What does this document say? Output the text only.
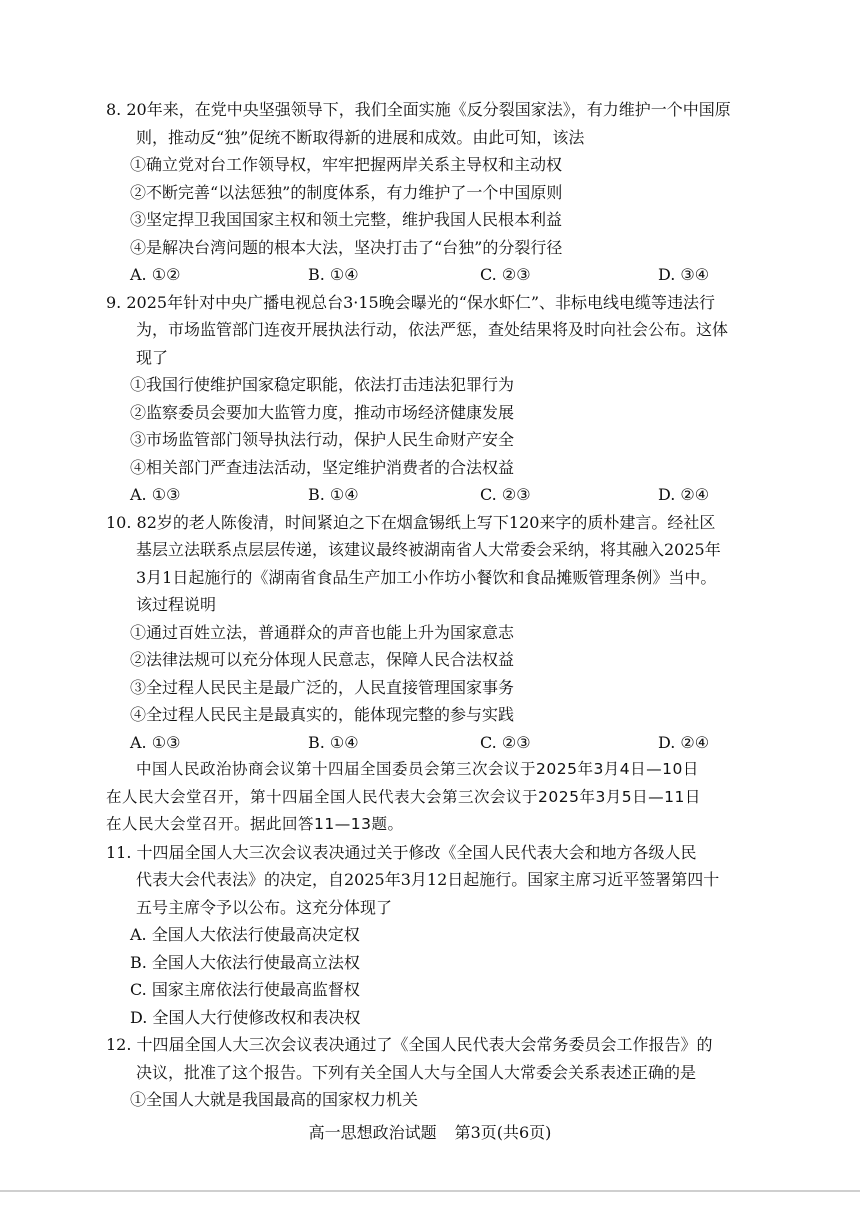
8. 20年来，在党中央坚强领导下，我们全面实施《反分裂国家法》，有力维护一个中国原
则，推动反“独”促统不断取得新的进展和成效。由此可知，该法
①确立党对台工作领导权，牢牢把握两岸关系主导权和主动权
②不断完善“以法惩独”的制度体系，有力维护了一个中国原则
③坚定捍卫我国国家主权和领土完整，维护我国人民根本利益
④是解决台湾问题的根本大法，坚决打击了“台独”的分裂行径
A. ①②	B. ①④	C. ②③	D. ③④
9. 2025年针对中央广播电视总台3·15晚会曝光的“保水虾仁”、非标电线电缆等违法行
为，市场监管部门连夜开展执法行动，依法严惩，查处结果将及时向社会公布。这体
现了
①我国行使维护国家稳定职能，依法打击违法犯罪行为
②监察委员会要加大监管力度，推动市场经济健康发展
③市场监管部门领导执法行动，保护人民生命财产安全
④相关部门严查违法活动，坚定维护消费者的合法权益
A. ①③	B. ①④	C. ②③	D. ②④
10. 82岁的老人陈俊清，时间紧迫之下在烟盒锡纸上写下120来字的质朴建言。经社区
基层立法联系点层层传递，该建议最终被湖南省人大常委会采纳，将其融入2025年
3月1日起施行的《湖南省食品生产加工小作坊小餐饮和食品摊贩管理条例》当中。
该过程说明
①通过百姓立法，普通群众的声音也能上升为国家意志
②法律法规可以充分体现人民意志，保障人民合法权益
③全过程人民民主是最广泛的，人民直接管理国家事务
④全过程人民民主是最真实的，能体现完整的参与实践
A. ①③	B. ①④	C. ②③	D. ②④
中国人民政治协商会议第十四届全国委员会第三次会议于2025年3月4日—10日
在人民大会堂召开，第十四届全国人民代表大会第三次会议于2025年3月5日—11日
在人民大会堂召开。据此回答11—13题。
11. 十四届全国人大三次会议表决通过关于修改《全国人民代表大会和地方各级人民
代表大会代表法》的决定，自2025年3月12日起施行。国家主席习近平签署第四十
五号主席令予以公布。这充分体现了
A. 全国人大依法行使最高决定权
B. 全国人大依法行使最高立法权
C. 国家主席依法行使最高监督权
D. 全国人大行使修改权和表决权
12. 十四届全国人大三次会议表决通过了《全国人民代表大会常务委员会工作报告》的
决议，批准了这个报告。下列有关全国人大与全国人大常委会关系表述正确的是
①全国人大就是我国最高的国家权力机关
高一思想政治试题 第3页(共6页)
